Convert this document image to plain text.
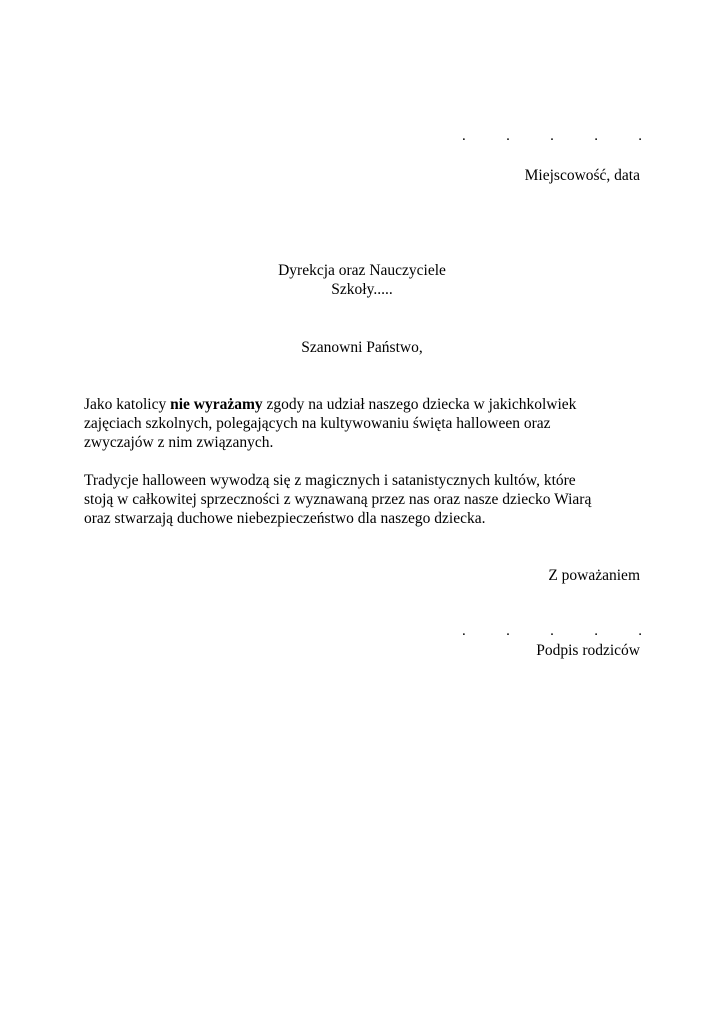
.	.	.	.	.
Miejscowość, data
Dyrekcja oraz Nauczyciele
Szkoły.....
Szanowni Państwo,
Jako katolicy nie wyrażamy zgody na udział naszego dziecka w jakichkolwiek
zajęciach szkolnych, polegających na kultywowaniu święta halloween oraz
zwyczajów z nim związanych.
Tradycje halloween wywodzą się z magicznych i satanistycznych kultów, które
stoją w całkowitej sprzeczności z wyznawaną przez nas oraz nasze dziecko Wiarą
oraz stwarzają duchowe niebezpieczeństwo dla naszego dziecka.
Z poważaniem
.	.	.	.	.
Podpis rodziców
